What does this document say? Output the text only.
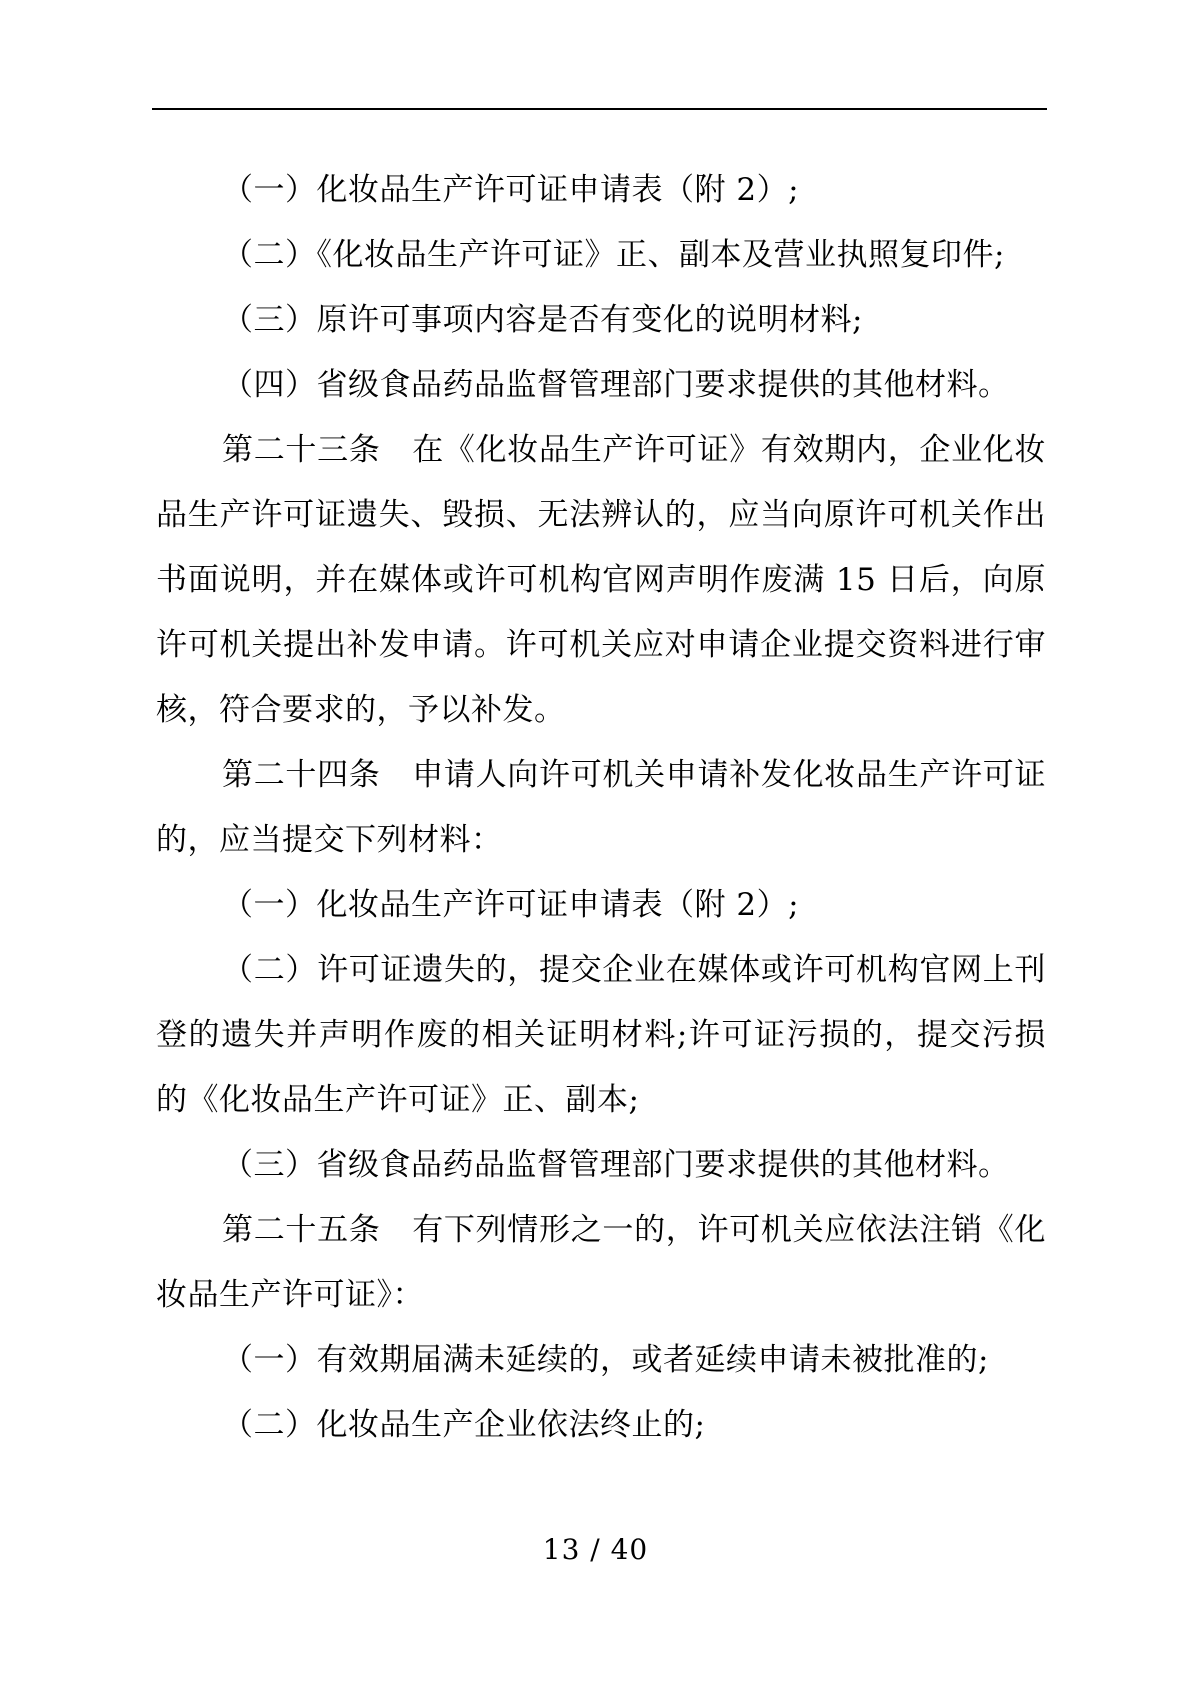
（一）化妆品生产许可证申请表（附 2）;

（二）《化妆品生产许可证》正、副本及营业执照复印件;

（三）原许可事项内容是否有变化的说明材料;

（四）省级食品药品监督管理部门要求提供的其他材料。

第二十三条　在《化妆品生产许可证》有效期内，企业化妆品生产许可证遗失、毁损、无法辨认的，应当向原许可机关作出书面说明，并在媒体或许可机构官网声明作废满 15 日后，向原许可机关提出补发申请。许可机关应对申请企业提交资料进行审核，符合要求的，予以补发。

第二十四条　申请人向许可机关申请补发化妆品生产许可证的，应当提交下列材料：

（一）化妆品生产许可证申请表（附 2）;

（二）许可证遗失的，提交企业在媒体或许可机构官网上刊登的遗失并声明作废的相关证明材料;许可证污损的，提交污损的《化妆品生产许可证》正、副本;

（三）省级食品药品监督管理部门要求提供的其他材料。

第二十五条　有下列情形之一的，许可机关应依法注销《化妆品生产许可证》：

（一）有效期届满未延续的，或者延续申请未被批准的;

（二）化妆品生产企业依法终止的;

13 / 40
